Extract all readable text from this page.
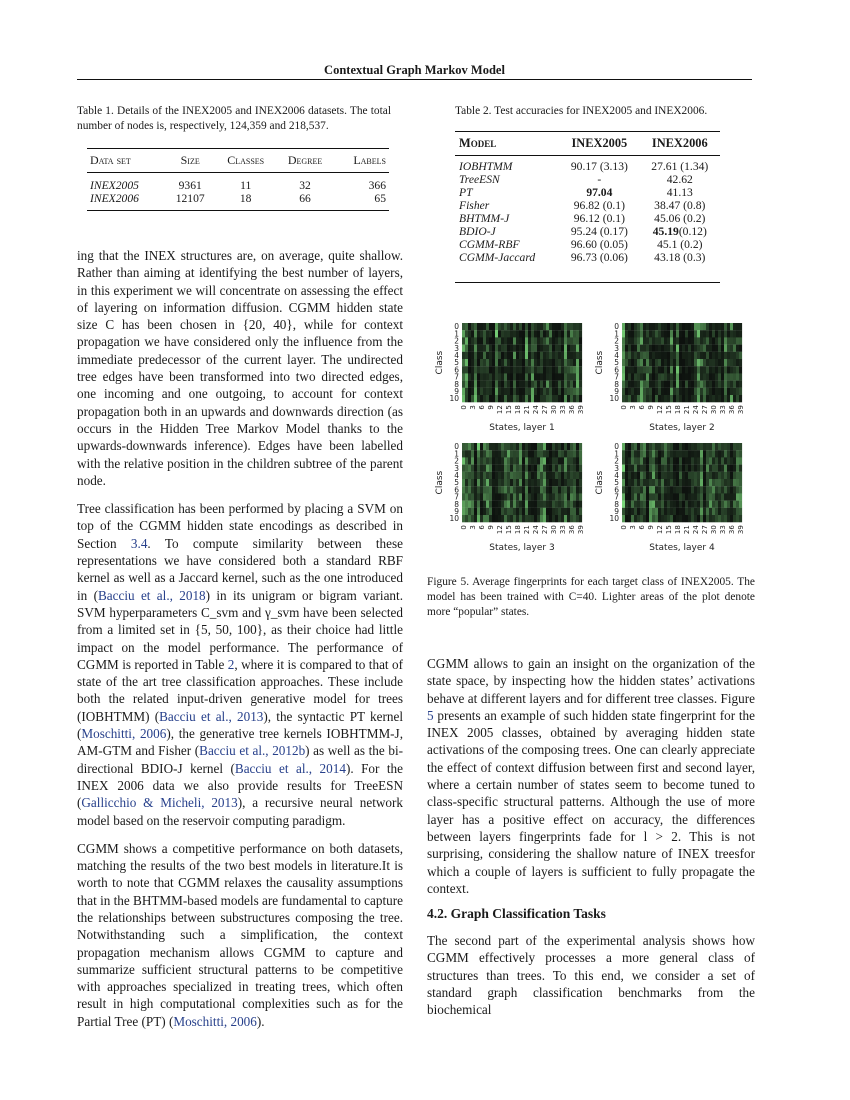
Contextual Graph Markov Model
Table 1. Details of the INEX2005 and INEX2006 datasets. The total number of nodes is, respectively, 124,359 and 218,537.
Data set	Size	Classes	Degree	Labels
INEX2005	9361	11	32	366
INEX2006	12107	18	66	65
Table 2. Test accuracies for INEX2005 and INEX2006.
Model	INEX2005	INEX2006
IOBHTMM	90.17 (3.13)	27.61 (1.34)
TreeESN	-	42.62
PT	97.04	41.13
Fisher	96.82 (0.1)	38.47 (0.8)
BHTMM-J	96.12 (0.1)	45.06 (0.2)
BDIO-J	95.24 (0.17)	45.19(0.12)
CGMM-RBF	96.60 (0.05)	45.1 (0.2)
CGMM-Jaccard	96.73 (0.06)	43.18 (0.3)

ing that the INEX structures are, on average, quite shallow. Rather than aiming at identifying the best number of layers, in this experiment we will concentrate on assessing the effect of layering on information diffusion. CGMM hidden state size C has been chosen in {20, 40}, while for context propagation we have considered only the influence from the immediate predecessor of the current layer. The undirected tree edges have been transformed into two directed edges, one incoming and one outgoing, to account for context propagation both in an upwards and downwards direction (as occurs in the Hidden Tree Markov Model thanks to the upwards-downwards inference). Edges have been labelled with the relative position in the children subtree of the parent node.

Tree classification has been performed by placing a SVM on top of the CGMM hidden state encodings as described in Section 3.4. To compute similarity between these representations we have considered both a standard RBF kernel as well as a Jaccard kernel, such as the one introduced in (Bacciu et al., 2018) in its unigram or bigram variant. SVM hyperparameters C_svm and γ_svm have been selected from a limited set in {5, 50, 100}, as their choice had little impact on the model performance. The performance of CGMM is reported in Table 2, where it is compared to that of state of the art tree classification approaches. These include both the related input-driven generative model for trees (IOBHTMM) (Bacciu et al., 2013), the syntactic PT kernel (Moschitti, 2006), the generative tree kernels IOBHTMM-J, AM-GTM and Fisher (Bacciu et al., 2012b) as well as the bi-directional BDIO-J kernel (Bacciu et al., 2014). For the INEX 2006 data we also provide results for TreeESN (Gallicchio & Micheli, 2013), a recursive neural network model based on the reservoir computing paradigm.

CGMM shows a competitive performance on both datasets, matching the results of the two best models in literature.It is worth to note that CGMM relaxes the causality assumptions that in the BHTMM-based models are fundamental to capture the relationships between substructures composing the tree. Notwithstanding such a simplification, the context propagation mechanism allows CGMM to capture and summarize sufficient structural patterns to be competitive with approaches specialized in treating trees, which often result in high computational complexities such as for the Partial Tree (PT) (Moschitti, 2006).

0
1
2
3
4
5
6
7
8
9
10
Class
0 3 6 9 12 15 18 21 24 27 30 33 36 39
States, layer 1
0
1
2
3
4
5
6
7
8
9
10
Class
0 3 6 9 12 15 18 21 24 27 30 33 36 39
States, layer 2
0
1
2
3
4
5
6
7
8
9
10
Class
0 3 6 9 12 15 18 21 24 27 30 33 36 39
States, layer 3
0
1
2
3
4
5
6
7
8
9
10
Class
0 3 6 9 12 15 18 21 24 27 30 33 36 39
States, layer 4
Figure 5. Average fingerprints for each target class of INEX2005. The model has been trained with C=40. Lighter areas of the plot denote more “popular” states.

CGMM allows to gain an insight on the organization of the state space, by inspecting how the hidden states’ activations behave at different layers and for different tree classes. Figure 5 presents an example of such hidden state fingerprint for the INEX 2005 classes, obtained by averaging hidden state activations of the composing trees. One can clearly appreciate the effect of context diffusion between first and second layer, where a certain number of states seem to become tuned to class-specific structural patterns. Although the use of more layer has a positive effect on accuracy, the differences between layers fingerprints fade for l > 2. This is not surprising, considering the shallow nature of INEX treesfor which a couple of layers is sufficient to fully propagate the context.

4.2. Graph Classification Tasks

The second part of the experimental analysis shows how CGMM effectively processes a more general class of structures than trees. To this end, we consider a set of standard graph classification benchmarks from the biochemical
